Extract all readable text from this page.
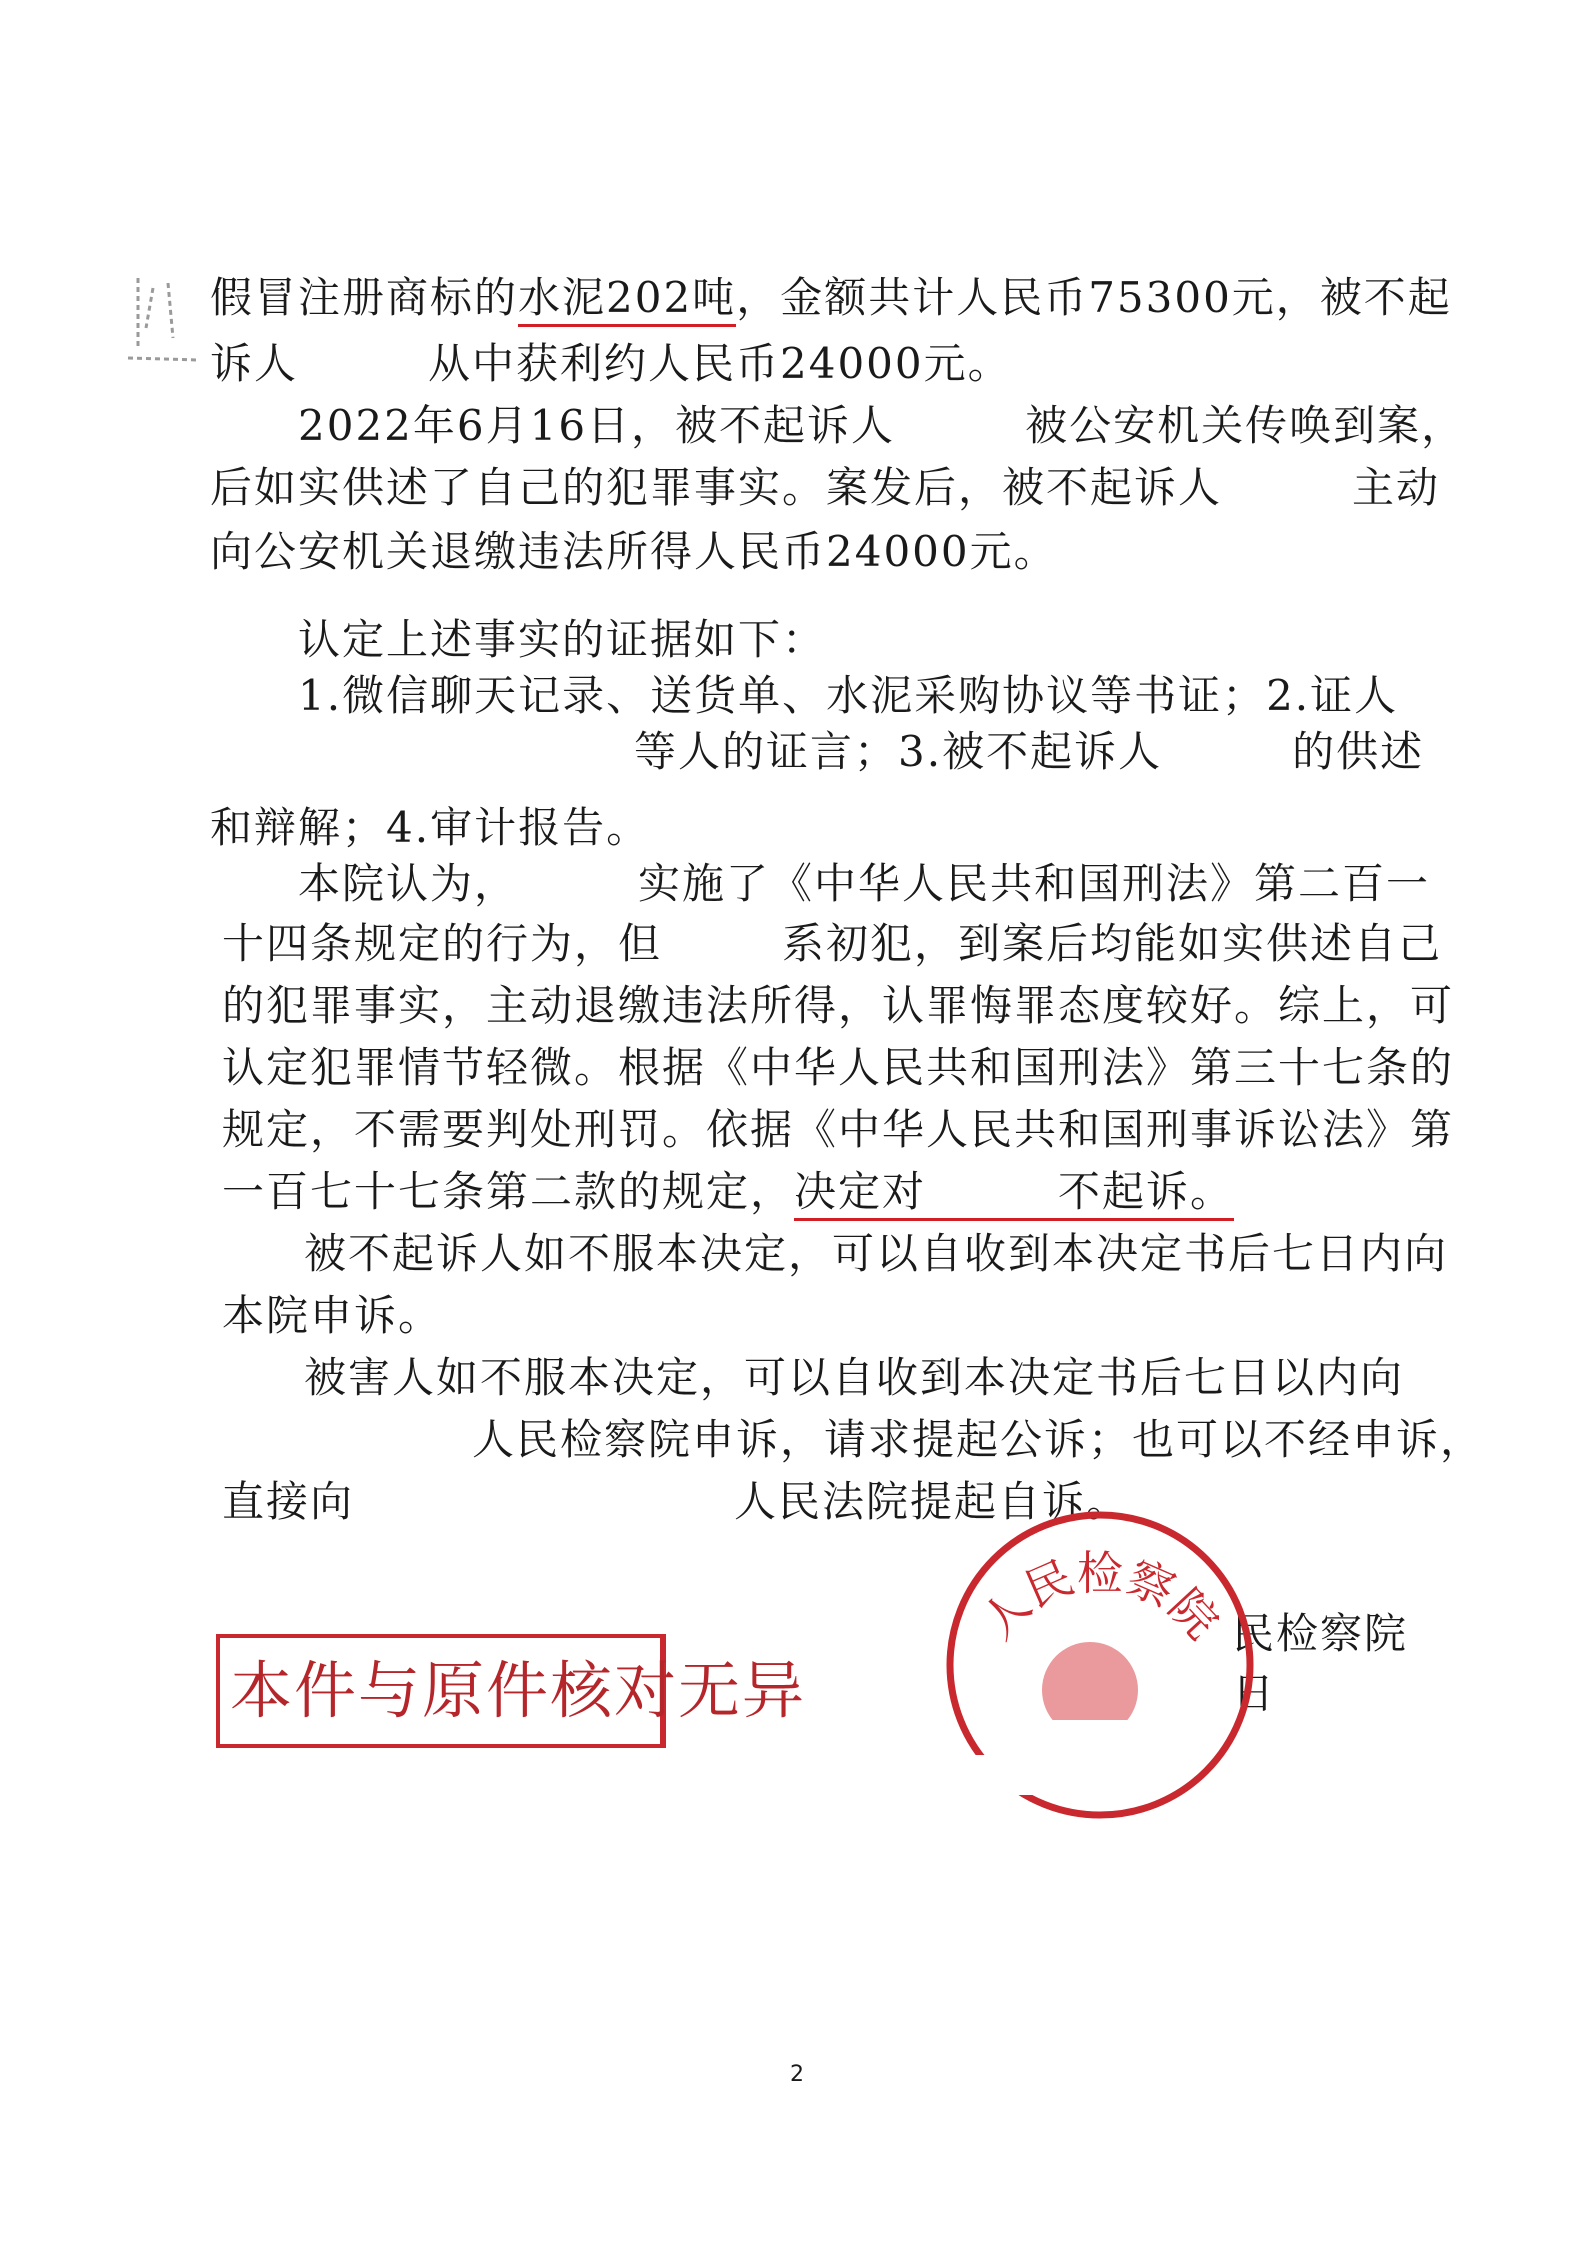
假冒注册商标的水泥202吨，金额共计人民币75300元，被不起
诉人	从中获利约人民币24000元。
2022年6月16日，被不起诉人	被公安机关传唤到案，
后如实供述了自己的犯罪事实。案发后，被不起诉人	主动
向公安机关退缴违法所得人民币24000元。
认定上述事实的证据如下：
1.微信聊天记录、送货单、水泥采购协议等书证；2.证人
等人的证言；3.被不起诉人	的供述
和辩解；4.审计报告。
本院认为，	实施了《中华人民共和国刑法》第二百一
十四条规定的行为，但	系初犯，到案后均能如实供述自己
的犯罪事实，主动退缴违法所得，认罪悔罪态度较好。综上，可
认定犯罪情节轻微。根据《中华人民共和国刑法》第三十七条的
规定，不需要判处刑罚。依据《中华人民共和国刑事诉讼法》第
一百七十七条第二款的规定，决定对　　　不起诉。
被不起诉人如不服本决定，可以自收到本决定书后七日内向
本院申诉。
被害人如不服本决定，可以自收到本决定书后七日以内向
人民检察院申诉，请求提起公诉；也可以不经申诉，
直接向	人民法院提起自诉。
民检察院
日
人民检察院
本件与原件核对无异
2
